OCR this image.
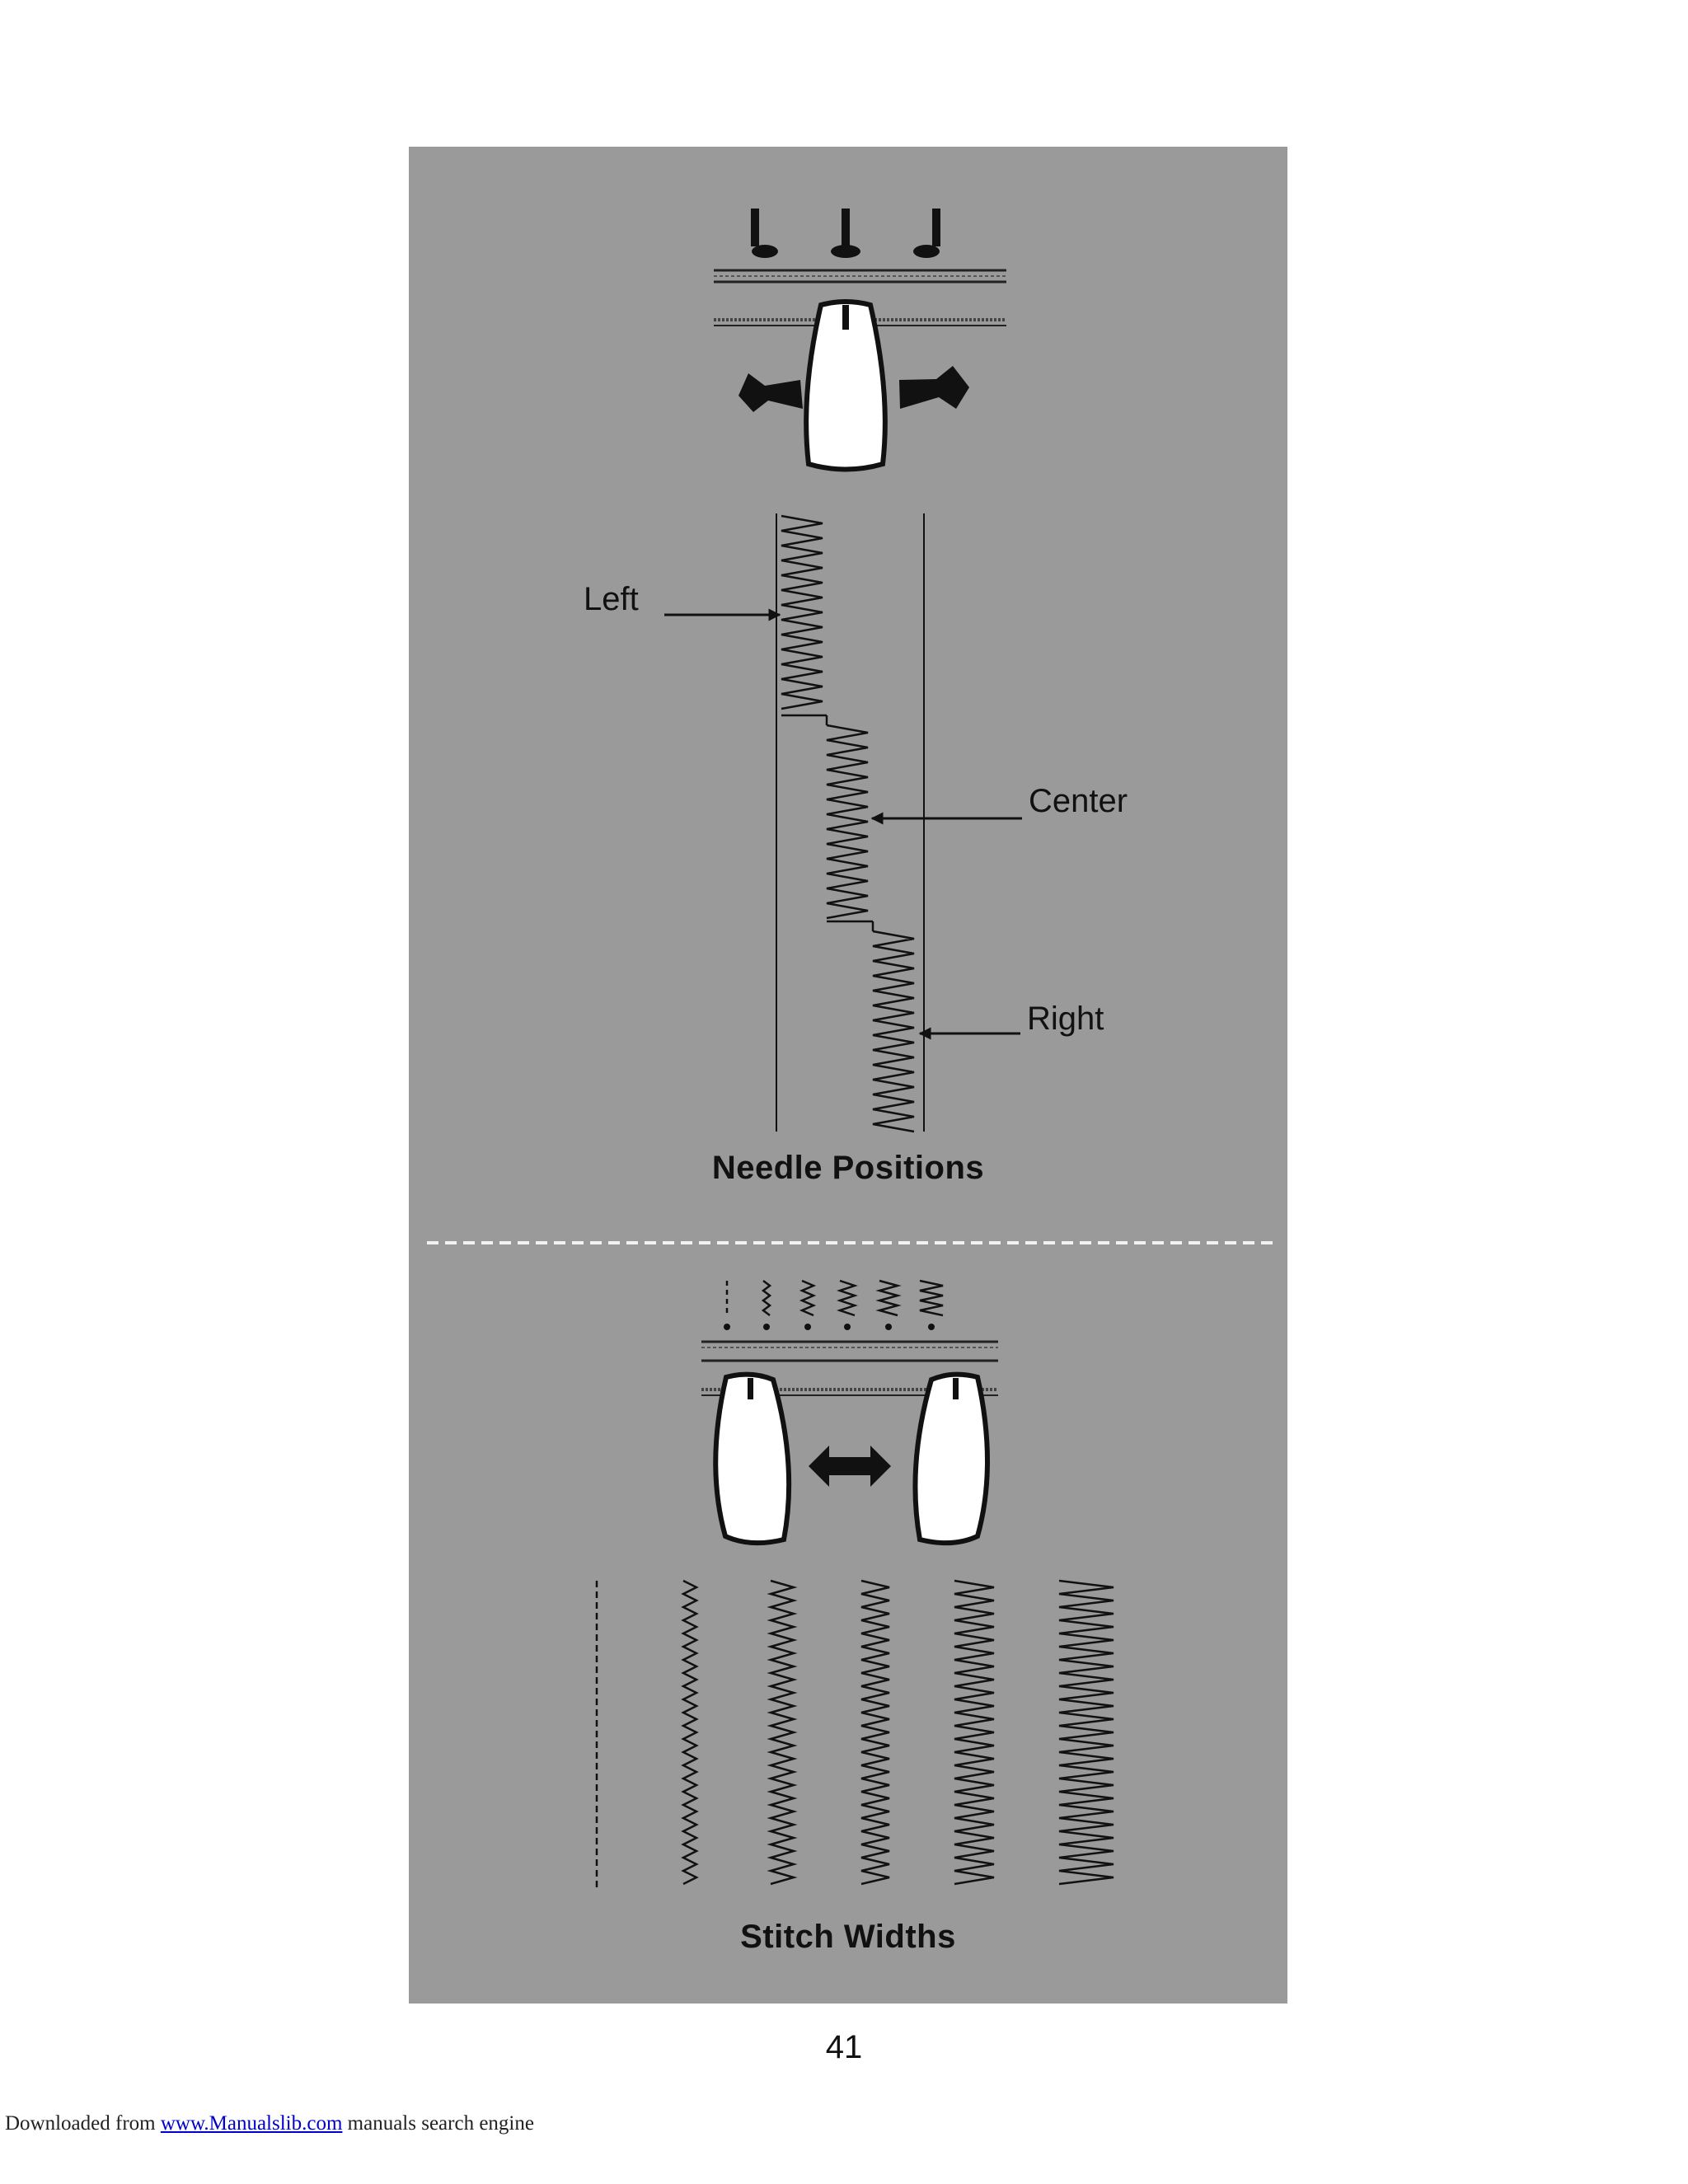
Left
Center
Right
Needle Positions
Stitch Widths
41
Downloaded from www.Manualslib.com manuals search engine
